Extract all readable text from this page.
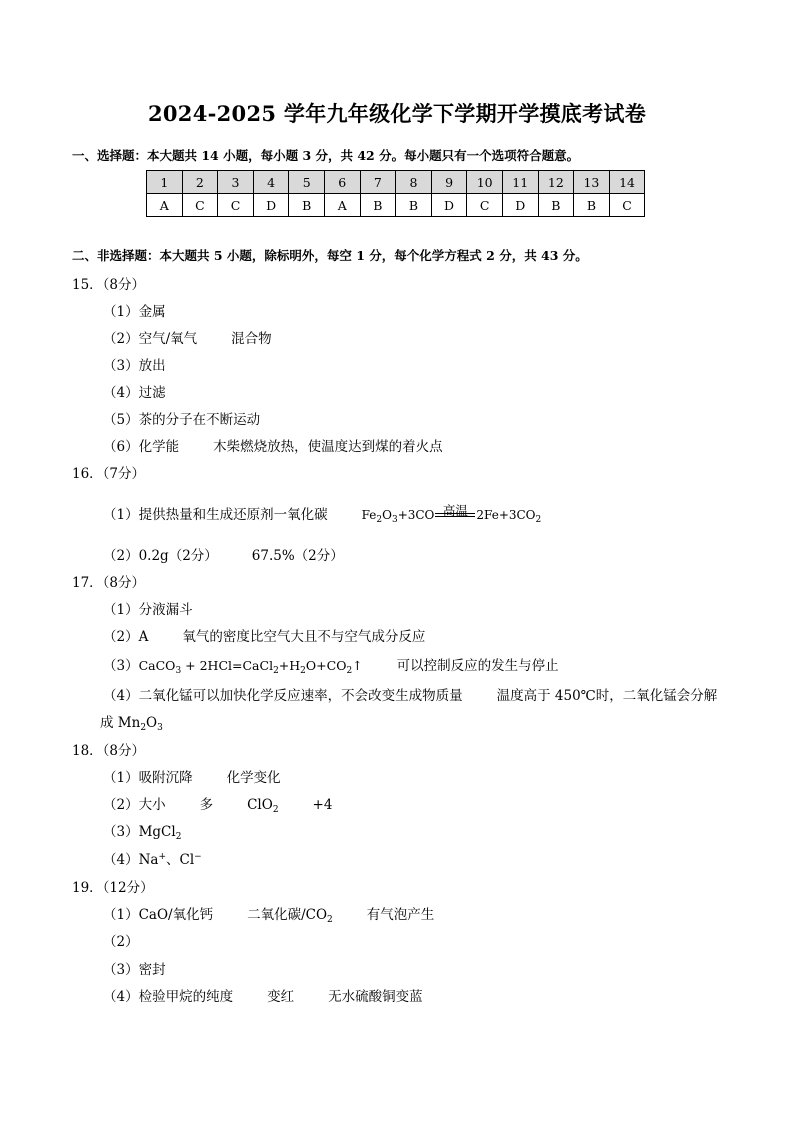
2024-2025 学年九年级化学下学期开学摸底考试卷
一、选择题：本大题共 14 小题，每小题 3 分，共 42 分。每小题只有一个选项符合题意。
1	2	3	4	5	6	7	8	9	10	11	12	13	14
A	C	C	D	B	A	B	B	D	C	D	B	B	C
二、非选择题：本大题共 5 小题，除标明外，每空 1 分，每个化学方程式 2 分，共 43 分。
15．（8分）
（1）金属
（2）空气/氧气	混合物
（3）放出
（4）过滤
（5）茶的分子在不断运动
（6）化学能	木柴燃烧放热，使温度达到煤的着火点
16．（7分）
（1）提供热量和生成还原剂一氧化碳	$Fe_2O_3+3CO$ 高温 $2Fe+3CO_2$
（2）0.2g（2分）	67.5%（2分）
17．（8分）
（1）分液漏斗
（2）A	氧气的密度比空气大且不与空气成分反应
（3）CaCO$_3$ + $2HCl=CaCl_2+H_2O+CO_2↑$	可以控制反应的发生与停止
（4）二氧化锰可以加快化学反应速率，不会改变生成物质量	温度高于 450℃时，二氧化锰会分解
成 $Mn_2O_3$
18．（8分）
（1）吸附沉降	化学变化
（2）大小	多	ClO$_2$	+4
（3）MgCl$_2$
（4）Na+、Cl−
19．（12分）
（1）CaO/氧化钙	二氧化碳$/CO_2$	有气泡产生
（2）
（3）密封
（4）检验甲烷的纯度	变红	无水硫酸铜变蓝
